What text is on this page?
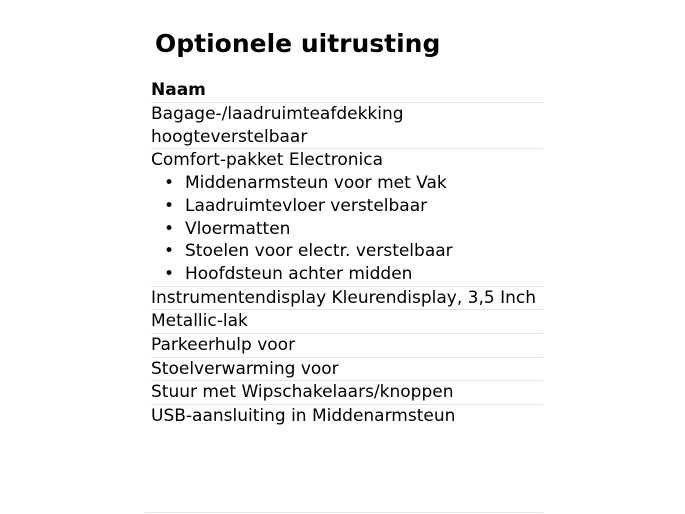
Optionele uitrusting
Naam
Bagage-/laadruimteafdekking hoogteverstelbaar
Comfort-pakket Electronica
• Middenarmsteun voor met Vak
• Laadruimtevloer verstelbaar
• Vloermatten
• Stoelen voor electr. verstelbaar
• Hoofdsteun achter midden
Instrumentendisplay Kleurendisplay, 3,5 Inch
Metallic-lak
Parkeerhulp voor
Stoelverwarming voor
Stuur met Wipschakelaars/knoppen
USB-aansluiting in Middenarmsteun
